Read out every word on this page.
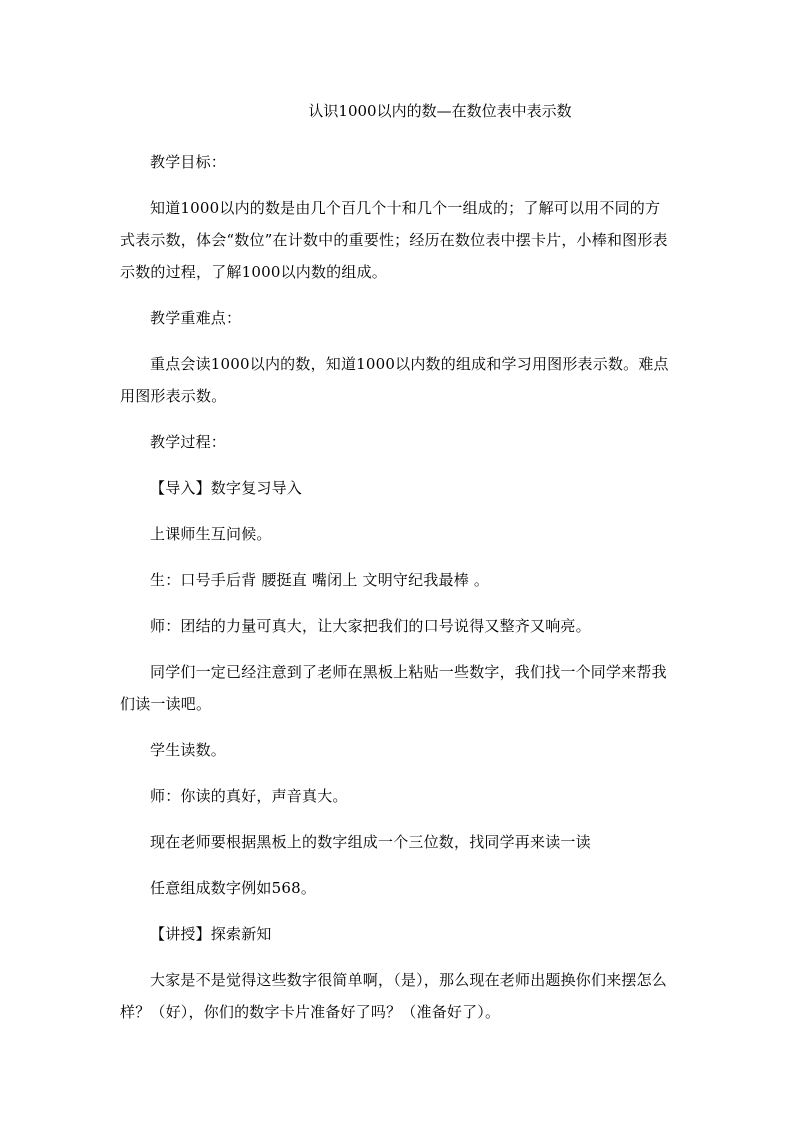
认识1000以内的数—在数位表中表示数

教学目标：

知道1000以内的数是由几个百几个十和几个一组成的；了解可以用不同的方式表示数，体会“数位”在计数中的重要性；经历在数位表中摆卡片，小棒和图形表示数的过程，了解1000以内数的组成。

教学重难点：

重点会读1000以内的数，知道1000以内数的组成和学习用图形表示数。难点用图形表示数。

教学过程：

【导入】数字复习导入

上课师生互问候。

生：口号手后背 腰挺直 嘴闭上 文明守纪我最棒 。

师：团结的力量可真大，让大家把我们的口号说得又整齐又响亮。

同学们一定已经注意到了老师在黑板上粘贴一些数字，我们找一个同学来帮我们读一读吧。

学生读数。

师：你读的真好，声音真大。

现在老师要根据黑板上的数字组成一个三位数，找同学再来读一读

任意组成数字例如568。

【讲授】探索新知

大家是不是觉得这些数字很简单啊，（是），那么现在老师出题换你们来摆怎么样？（好），你们的数字卡片准备好了吗？（准备好了）。
